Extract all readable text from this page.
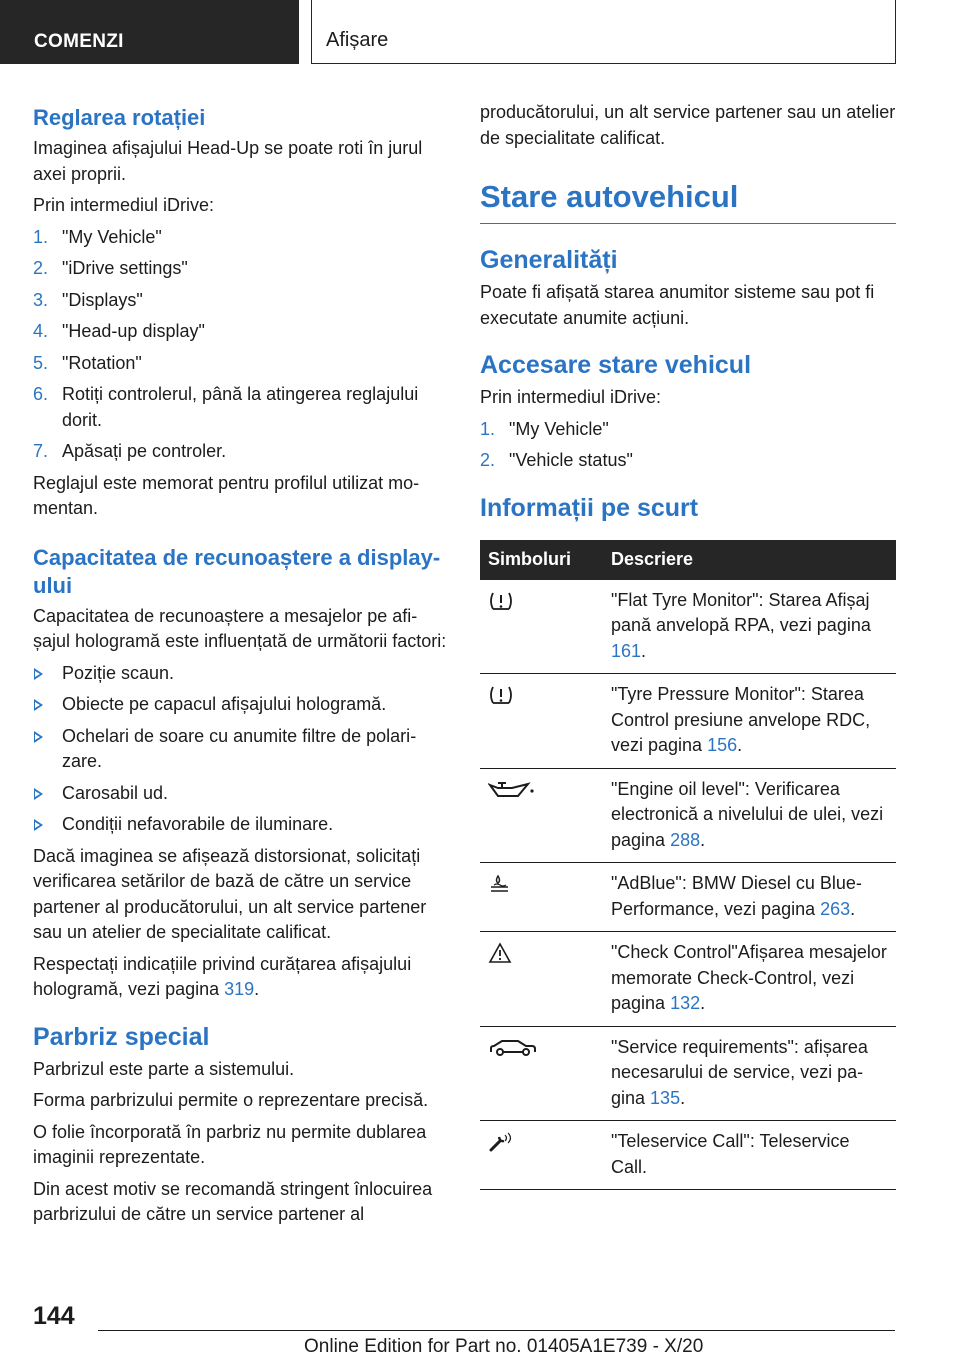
COMENZI	Afișare
Reglarea rotației

Imaginea afișajului Head-Up se poate roti în jurul axei proprii.

Prin intermediul iDrive:

1. "My Vehicle"
2. "iDrive settings"
3. "Displays"
4. "Head-up display"
5. "Rotation"
6. Rotiți controlerul, până la atingerea reglajului dorit.
7. Apăsați pe controler.

Reglajul este memorat pentru profilul utilizat momentan.

Capacitatea de recunoaștere a display-ului

Capacitatea de recunoaștere a mesajelor pe afișajul hologramă este influențată de următorii factori:

Poziție scaun.
Obiecte pe capacul afișajului hologramă.
Ochelari de soare cu anumite filtre de polarizare.
Carosabil ud.
Condiții nefavorabile de iluminare.

Dacă imaginea se afișează distorsionat, solicitați verificarea setărilor de bază de către un service partener al producătorului, un alt service partener sau un atelier de specialitate calificat.

Respectați indicațiile privind curățarea afișajului hologramă, vezi pagina 319.

Parbriz special

Parbrizul este parte a sistemului.

Forma parbrizului permite o reprezentare precisă.

O folie încorporată în parbriz nu permite dublarea imaginii reprezentate.

Din acest motiv se recomandă stringent înlocuirea parbrizului de către un service partener al

producătorului, un alt service partener sau un atelier de specialitate calificat.

Stare autovehicul
Generalități

Poate fi afișată starea anumitor sisteme sau pot fi executate anumite acțiuni.

Accesare stare vehicul

Prin intermediul iDrive:

1. "My Vehicle"
2. "Vehicle status"
Informații pe scurt
Simboluri	Descriere

	"Flat Tyre Monitor": Starea Afișaj pană anvelopă RPA, vezi pagina 161.

	"Tyre Pressure Monitor": Starea Control presiune anvelope RDC, vezi pagina 156.

	"Engine oil level": Verificarea electronică a nivelului de ulei, vezi pagina 288.

	"AdBlue": BMW Diesel cu BluePerformance, vezi pagina 263.

	"Check Control"Afișarea mesajelor memorate Check-Control, vezi pagina 132.

	"Service requirements": afișarea necesarului de service, vezi pagina 135.

	"Teleservice Call": Teleservice Call.
144
Online Edition for Part no. 01405A1E739 - X/20
